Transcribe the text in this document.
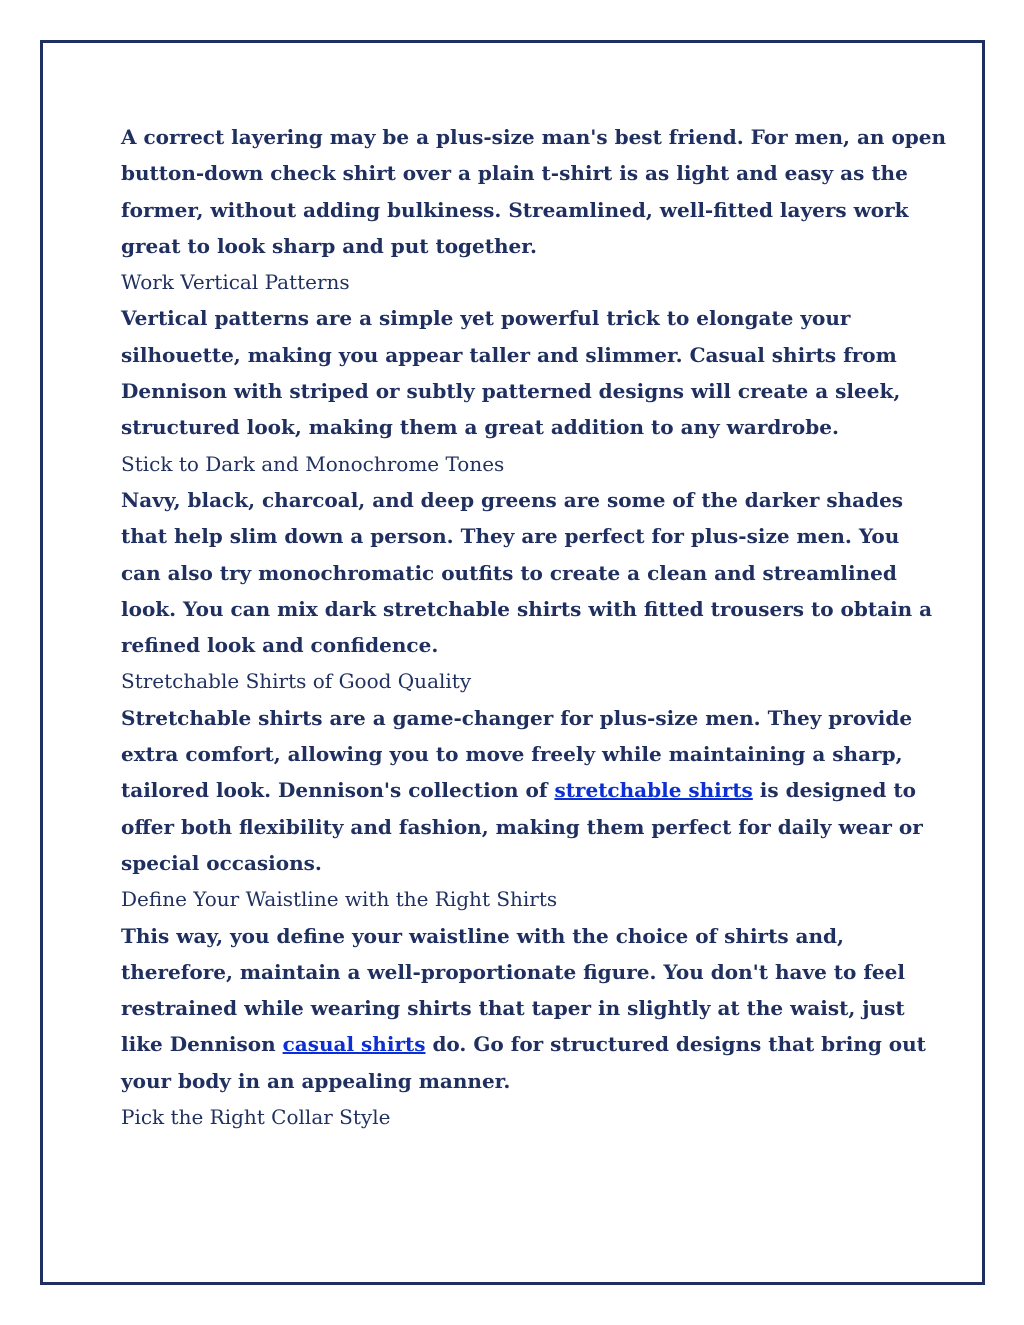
A correct layering may be a plus-size man's best friend. For men, an open
button-down check shirt over a plain t-shirt is as light and easy as the
former, without adding bulkiness. Streamlined, well-fitted layers work
great to look sharp and put together.
Work Vertical Patterns
Vertical patterns are a simple yet powerful trick to elongate your
silhouette, making you appear taller and slimmer. Casual shirts from
Dennison with striped or subtly patterned designs will create a sleek,
structured look, making them a great addition to any wardrobe.
Stick to Dark and Monochrome Tones
Navy, black, charcoal, and deep greens are some of the darker shades
that help slim down a person. They are perfect for plus-size men. You
can also try monochromatic outfits to create a clean and streamlined
look. You can mix dark stretchable shirts with fitted trousers to obtain a
refined look and confidence.
Stretchable Shirts of Good Quality
Stretchable shirts are a game-changer for plus-size men. They provide
extra comfort, allowing you to move freely while maintaining a sharp,
tailored look. Dennison's collection of stretchable shirts is designed to
offer both flexibility and fashion, making them perfect for daily wear or
special occasions.
Define Your Waistline with the Right Shirts
This way, you define your waistline with the choice of shirts and,
therefore, maintain a well-proportionate figure. You don't have to feel
restrained while wearing shirts that taper in slightly at the waist, just
like Dennison casual shirts do. Go for structured designs that bring out
your body in an appealing manner.
Pick the Right Collar Style
